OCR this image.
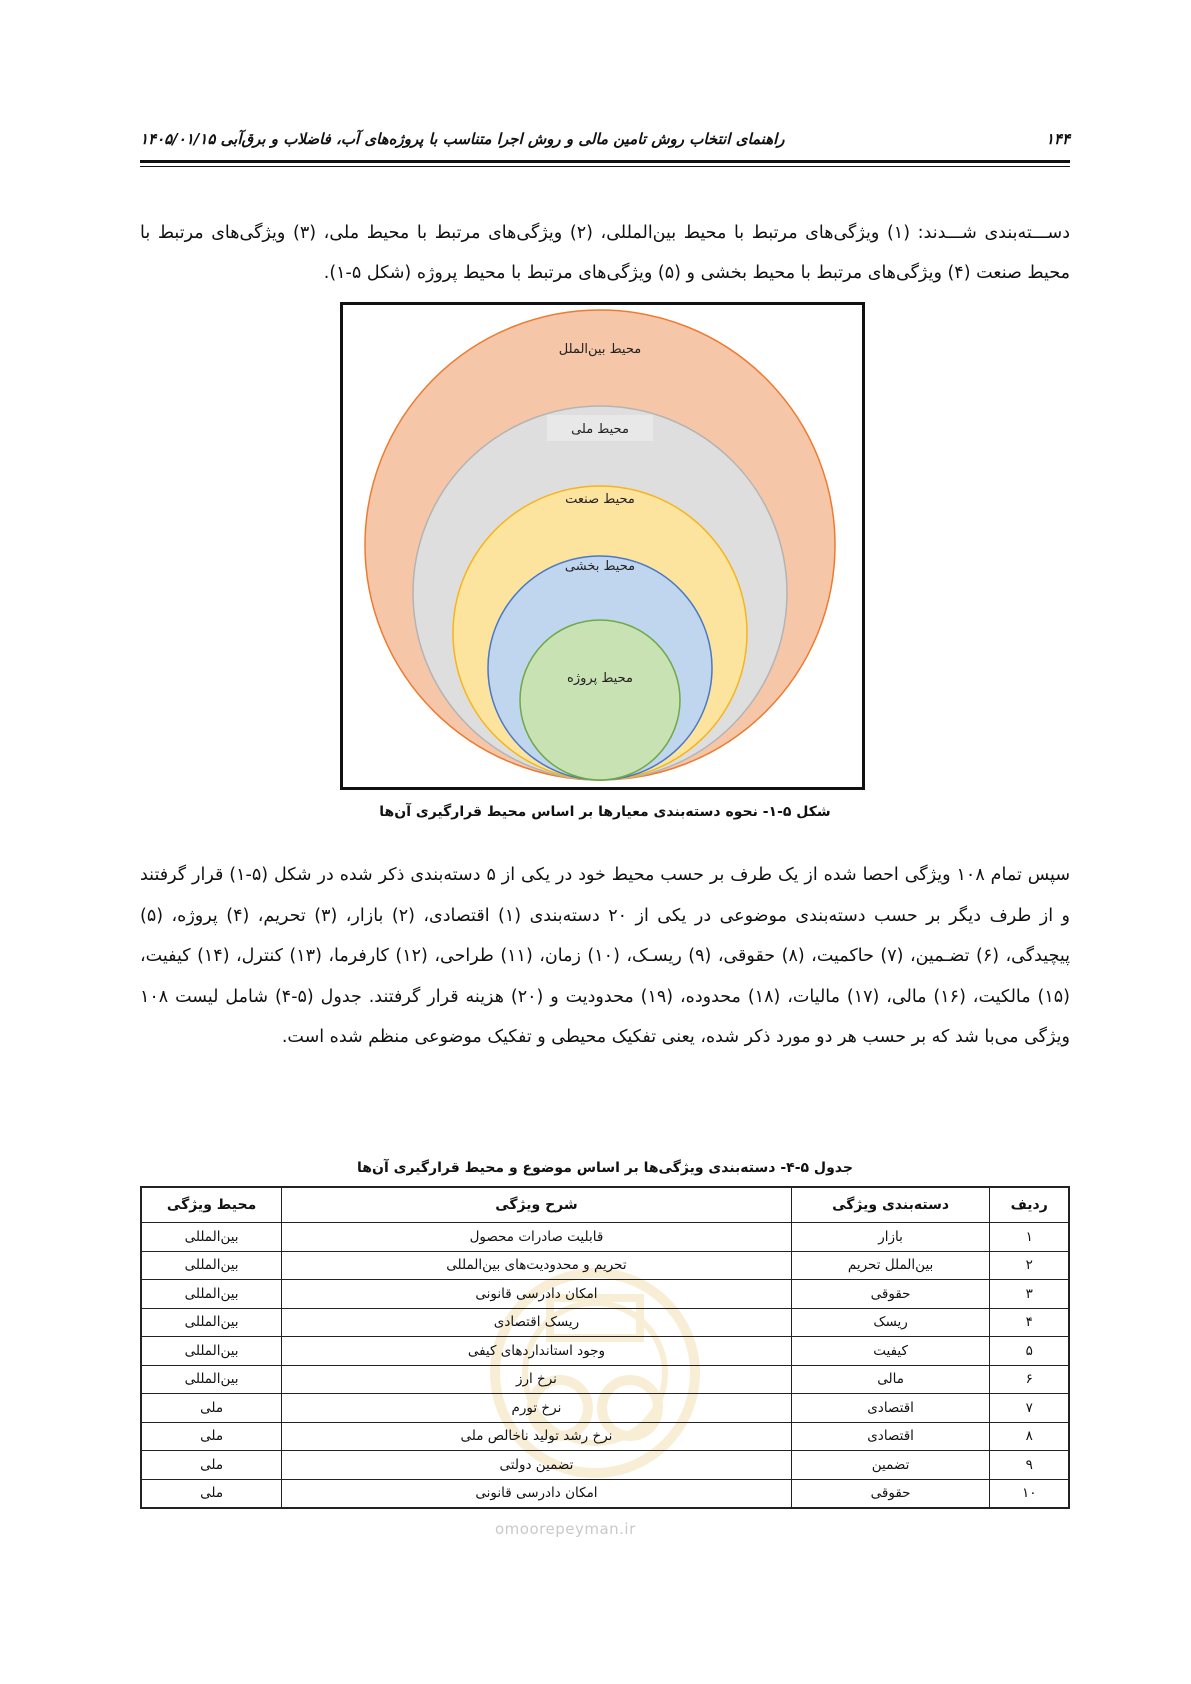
۱۴۴
راهنمای انتخاب روش تامین مالی و روش اجرا متناسب با پروژه‌های آب، فاضلاب و برق‌آبی ۱۴۰۵/۰۱/۱۵
دســـته‌بندی شـــدند: (۱) ویژگی‌های مرتبط با محیط بین‌المللی، (۲) ویژگی‌های مرتبط با محیط ملی، (۳) ویژگی‌های مرتبط با محیط صنعت (۴) ویژگی‌های مرتبط با محیط بخشی و (۵) ویژگی‌های مرتبط با محیط پروژه (شکل ۵-۱).
محیط بین‌الملل
محیط ملی
محیط صنعت
محیط بخشی
محیط پروژه
شکل ۵-۱- نحوه دسته‌بندی معیارها بر اساس محیط قرارگیری آن‌ها
سپس تمام ۱۰۸ ویژگی احصا شده از یک طرف بر حسب محیط خود در یکی از ۵ دسته‌بندی ذکر شده در شکل (۵-۱) قرار گرفتند و از طرف دیگر بر حسب دسته‌بندی موضوعی در یکی از ۲۰ دسته‌بندی (۱) اقتصادی، (۲) بازار، (۳) تحریم، (۴) پروژه، (۵) پیچیدگی، (۶) تضـمین، (۷) حاکمیت، (۸) حقوقی، (۹) ریسـک، (۱۰) زمان، (۱۱) طراحی، (۱۲) کارفرما، (۱۳) کنترل، (۱۴) کیفیت، (۱۵) مالکیت، (۱۶) مالی، (۱۷) مالیات، (۱۸) محدوده، (۱۹) محدودیت و (۲۰) هزینه قرار گرفتند. جدول (۵-۴) شامل لیست ۱۰۸ ویژگی می‌با شد که بر حسب هر دو مورد ذکر شده، یعنی تفکیک محیطی و تفکیک موضوعی منظم شده است.
جدول ۵-۴- دسته‌بندی ویژگی‌ها بر اساس موضوع و محیط قرارگیری آن‌ها
ردیف	دسته‌بندی ویژگی	شرح ویژگی	محیط ویژگی
۱	بازار	قابلیت صادرات محصول	بین‌المللی
۲	بین‌الملل تحریم	تحریم و محدودیت‌های بین‌المللی	بین‌المللی
۳	حقوقی	امکان دادرسی قانونی	بین‌المللی
۴	ریسک	ریسک اقتصادی	بین‌المللی
۵	کیفیت	وجود استانداردهای کیفی	بین‌المللی
۶	مالی	نرخ ارز	بین‌المللی
۷	اقتصادی	نرخ تورم	ملی
۸	اقتصادی	نرخ رشد تولید ناخالص ملی	ملی
۹	تضمین	تضمین دولتی	ملی
۱۰	حقوقی	امکان دادرسی قانونی	ملی
omoorepeyman.ir
